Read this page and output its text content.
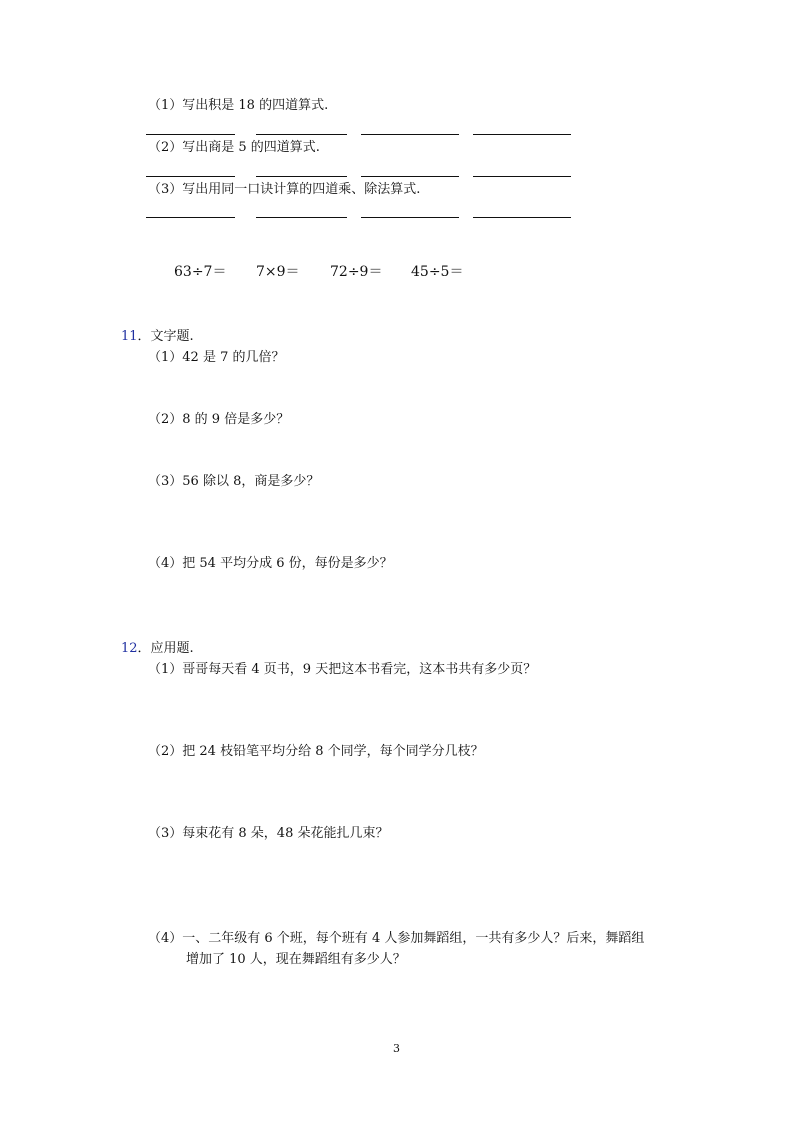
（1）写出积是 18 的四道算式.
（2）写出商是 5 的四道算式.
（3）写出用同一口诀计算的四道乘、除法算式.
63÷7＝ 7×9＝ 72÷9＝ 45÷5＝
11．文字题.
（1）42 是 7 的几倍？
（2）8 的 9 倍是多少？
（3）56 除以 8，商是多少？
（4）把 54 平均分成 6 份，每份是多少？
12．应用题.
（1）哥哥每天看 4 页书，9 天把这本书看完，这本书共有多少页？
（2）把 24 枝铅笔平均分给 8 个同学，每个同学分几枝？
（3）每束花有 8 朵，48 朵花能扎几束？
（4）一、二年级有 6 个班，每个班有 4 人参加舞蹈组，一共有多少人？后来，舞蹈组
增加了 10 人，现在舞蹈组有多少人？
3
